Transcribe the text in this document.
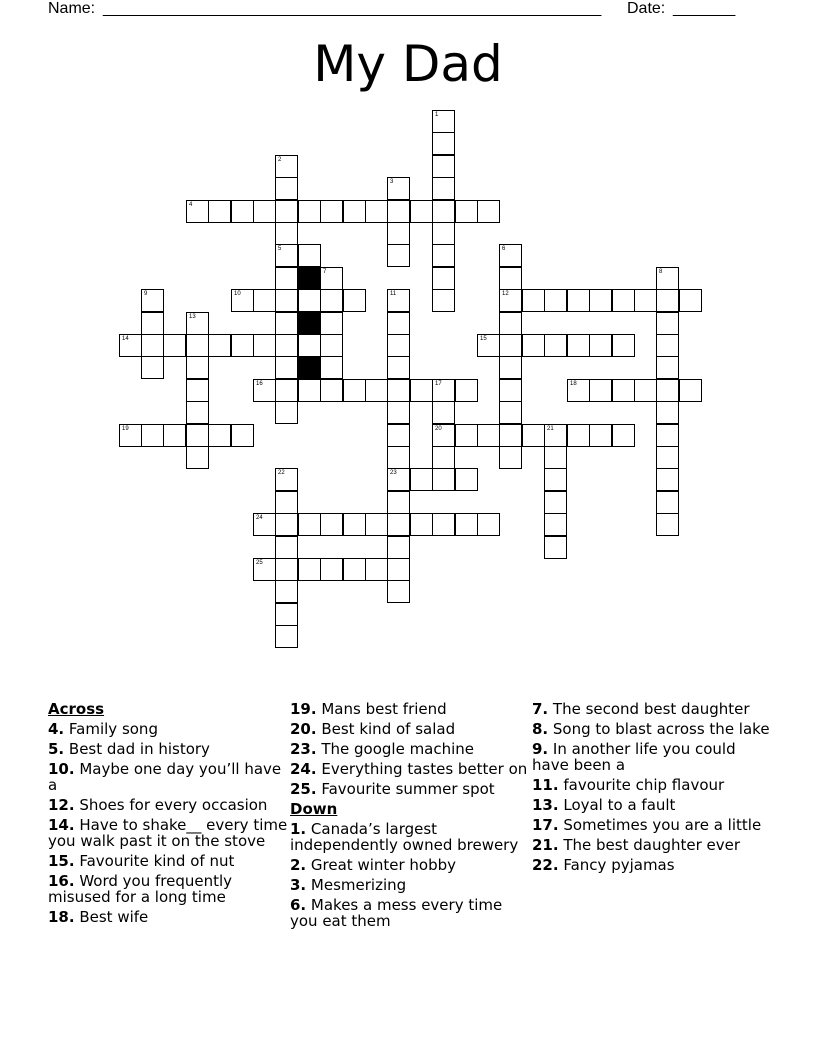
Name: ________________________________________________________ Date: _______
My Dad
4
10	12
14	15
16	17	18
19	20	21
23
24
25
1
2
5
3
6
7	8
9	11
13
22
Across
4. Family song
5. Best dad in history
10. Maybe one day you’ll have a
12. Shoes for every occasion
14. Have to shake__ every time you walk past it on the stove
15. Favourite kind of nut
16. Word you frequently misused for a long time
18. Best wife
19. Mans best friend
20. Best kind of salad
23. The google machine
24. Everything tastes better on
25. Favourite summer spot
Down
1. Canada’s largest independently owned brewery
2. Great winter hobby
3. Mesmerizing
6. Makes a mess every time you eat them
7. The second best daughter
8. Song to blast across the lake
9. In another life you could have been a
11. favourite chip flavour
13. Loyal to a fault
17. Sometimes you are a little
21. The best daughter ever
22. Fancy pyjamas
